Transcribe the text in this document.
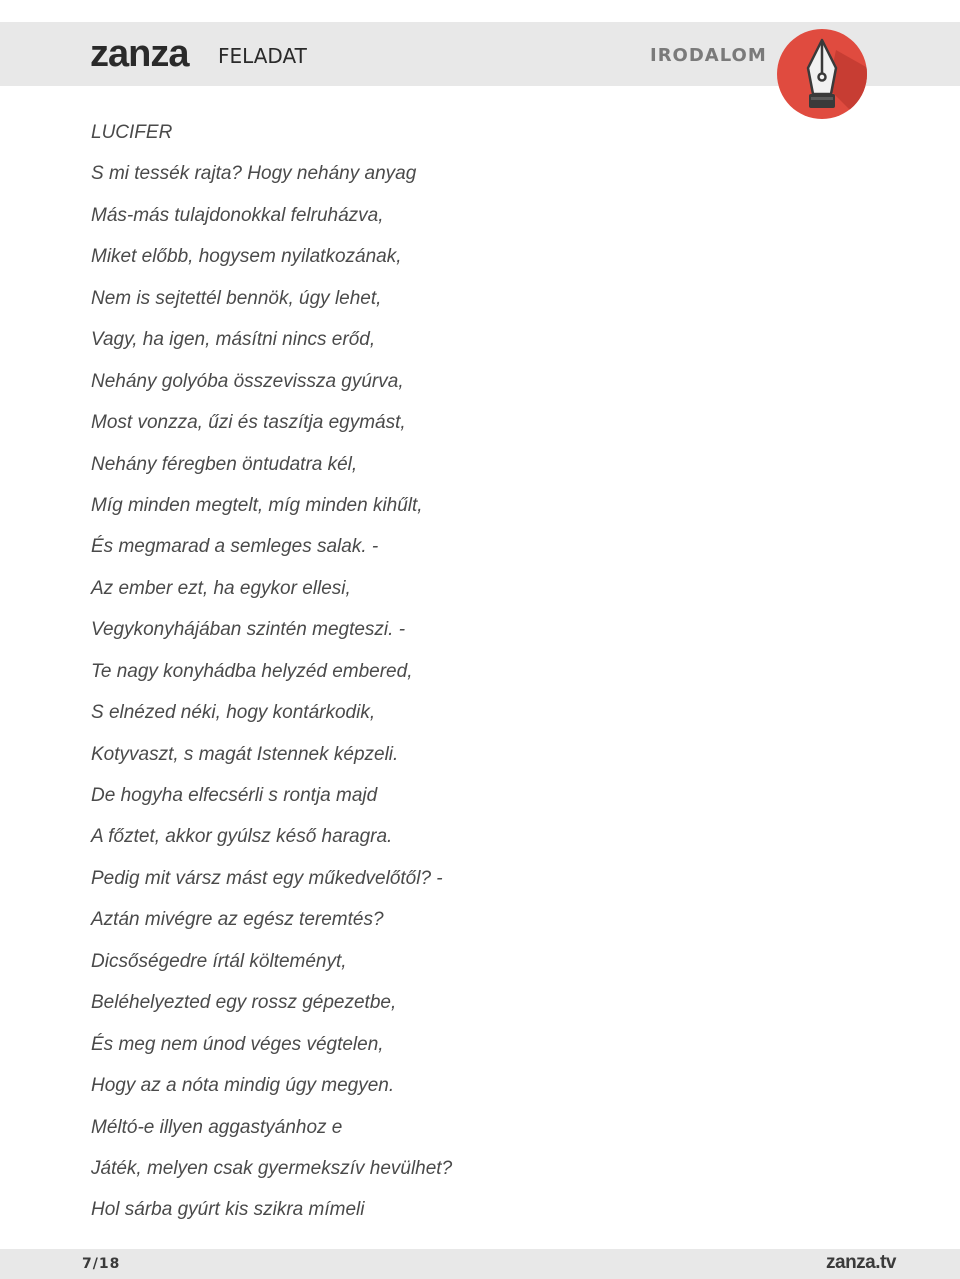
zanza FELADAT	IRODALOM
LUCIFER
S mi tessék rajta? Hogy nehány anyag
Más-más tulajdonokkal felruházva,
Miket előbb, hogysem nyilatkozának,
Nem is sejtettél bennök, úgy lehet,
Vagy, ha igen, másítni nincs erőd,
Nehány golyóba összevissza gyúrva,
Most vonzza, űzi és taszítja egymást,
Nehány féregben öntudatra kél,
Míg minden megtelt, míg minden kihűlt,
És megmarad a semleges salak. -
Az ember ezt, ha egykor ellesi,
Vegykonyhájában szintén megteszi. -
Te nagy konyhádba helyzéd embered,
S elnézed néki, hogy kontárkodik,
Kotyvaszt, s magát Istennek képzeli.
De hogyha elfecsérli s rontja majd
A főztet, akkor gyúlsz késő haragra.
Pedig mit vársz mást egy műkedvelőtől? -
Aztán mivégre az egész teremtés?
Dicsőségedre írtál költeményt,
Beléhelyezted egy rossz gépezetbe,
És meg nem únod véges végtelen,
Hogy az a nóta mindig úgy megyen.
Méltó-e illyen aggastyánhoz e
Játék, melyen csak gyermekszív hevülhet?
Hol sárba gyúrt kis szikra mímeli
7/18	zanza.tv
